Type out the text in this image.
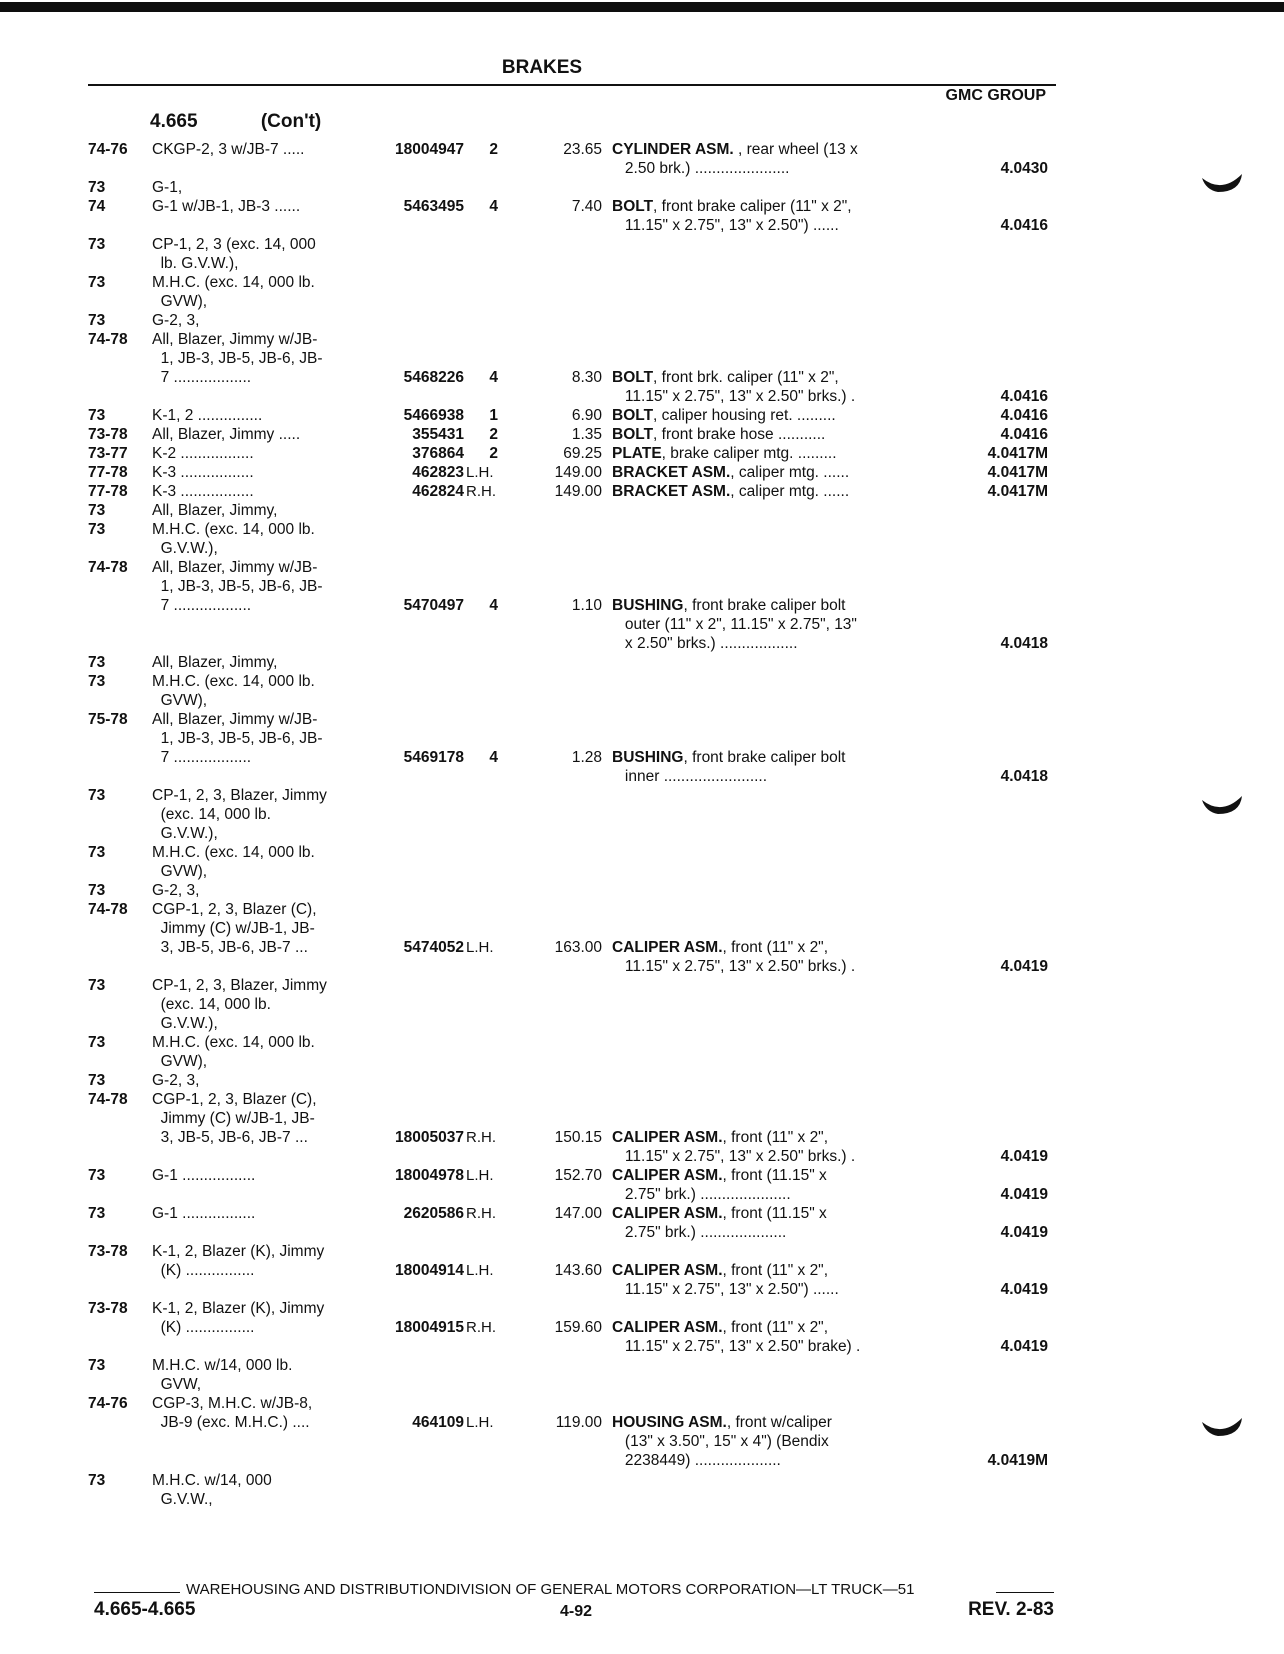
BRAKES
GMC GROUP
4.665	(Con't)
74-76	CKGP-2, 3 w/JB-7 .....	18004947	2	23.65 CYLINDER ASM. , rear wheel (13 x
2.50 brk.) ......................	4.0430
73	G-1,
74	G-1 w/JB-1, JB-3 ......	5463495	4	7.40 BOLT, front brake caliper (11" x 2",
11.15" x 2.75", 13" x 2.50") ......	4.0416
73	CP-1, 2, 3 (exc. 14, 000
lb. G.V.W.),
73	M.H.C. (exc. 14, 000 lb.
GVW),
73	G-2, 3,
74-78	All, Blazer, Jimmy w/JB-
1, JB-3, JB-5, JB-6, JB-
7 ..................	5468226	4	8.30 BOLT, front brk. caliper (11" x 2",
11.15" x 2.75", 13" x 2.50" brks.) .	4.0416
73	K-1, 2 ...............	5466938	1	6.90 BOLT, caliper housing ret. .........	4.0416
73-78	All, Blazer, Jimmy .....	355431	2	1.35 BOLT, front brake hose ...........	4.0416
73-77	K-2 .................	376864	2	69.25 PLATE, brake caliper mtg. .........	4.0417M
77-78	K-3 .................	462823 L.H.	149.00 BRACKET ASM., caliper mtg. ......	4.0417M
77-78	K-3 .................	462824 R.H.	149.00 BRACKET ASM., caliper mtg. ......	4.0417M
73	All, Blazer, Jimmy,
73	M.H.C. (exc. 14, 000 lb.
G.V.W.),
74-78	All, Blazer, Jimmy w/JB-
1, JB-3, JB-5, JB-6, JB-
7 ..................	5470497	4	1.10 BUSHING, front brake caliper bolt
outer (11" x 2", 11.15" x 2.75", 13"
x 2.50" brks.) ..................	4.0418
73	All, Blazer, Jimmy,
73	M.H.C. (exc. 14, 000 lb.
GVW),
75-78	All, Blazer, Jimmy w/JB-
1, JB-3, JB-5, JB-6, JB-
7 ..................	5469178	4	1.28 BUSHING, front brake caliper bolt
inner ........................	4.0418
73	CP-1, 2, 3, Blazer, Jimmy
(exc. 14, 000 lb.
G.V.W.),
73	M.H.C. (exc. 14, 000 lb.
GVW),
73	G-2, 3,
74-78	CGP-1, 2, 3, Blazer (C),
Jimmy (C) w/JB-1, JB-
3, JB-5, JB-6, JB-7 ...	5474052 L.H.	163.00 CALIPER ASM., front (11" x 2",
11.15" x 2.75", 13" x 2.50" brks.) .	4.0419
73	CP-1, 2, 3, Blazer, Jimmy
(exc. 14, 000 lb.
G.V.W.),
73	M.H.C. (exc. 14, 000 lb.
GVW),
73	G-2, 3,
74-78	CGP-1, 2, 3, Blazer (C),
Jimmy (C) w/JB-1, JB-
3, JB-5, JB-6, JB-7 ...	18005037 R.H.	150.15 CALIPER ASM., front (11" x 2",
11.15" x 2.75", 13" x 2.50" brks.) .	4.0419
73	G-1 .................	18004978 L.H.	152.70 CALIPER ASM., front (11.15" x
2.75" brk.) .....................	4.0419
73	G-1 .................	2620586 R.H.	147.00 CALIPER ASM., front (11.15" x
2.75" brk.) ....................	4.0419
73-78	K-1, 2, Blazer (K), Jimmy
(K) ................	18004914 L.H.	143.60 CALIPER ASM., front (11" x 2",
11.15" x 2.75", 13" x 2.50") ......	4.0419
73-78	K-1, 2, Blazer (K), Jimmy
(K) ................	18004915 R.H.	159.60 CALIPER ASM., front (11" x 2",
11.15" x 2.75", 13" x 2.50" brake) .	4.0419
73	M.H.C. w/14, 000 lb.
GVW,
74-76	CGP-3, M.H.C. w/JB-8,
JB-9 (exc. M.H.C.) ....	464109 L.H.	119.00 HOUSING ASM., front w/caliper
(13" x 3.50", 15" x 4") (Bendix
2238449) ....................	4.0419M
73	M.H.C. w/14, 000
G.V.W.,
WAREHOUSING AND DISTRIBUTIONDIVISION OF GENERAL MOTORS CORPORATION—LT TRUCK—51
4.665-4.665	4-92	REV. 2-83
